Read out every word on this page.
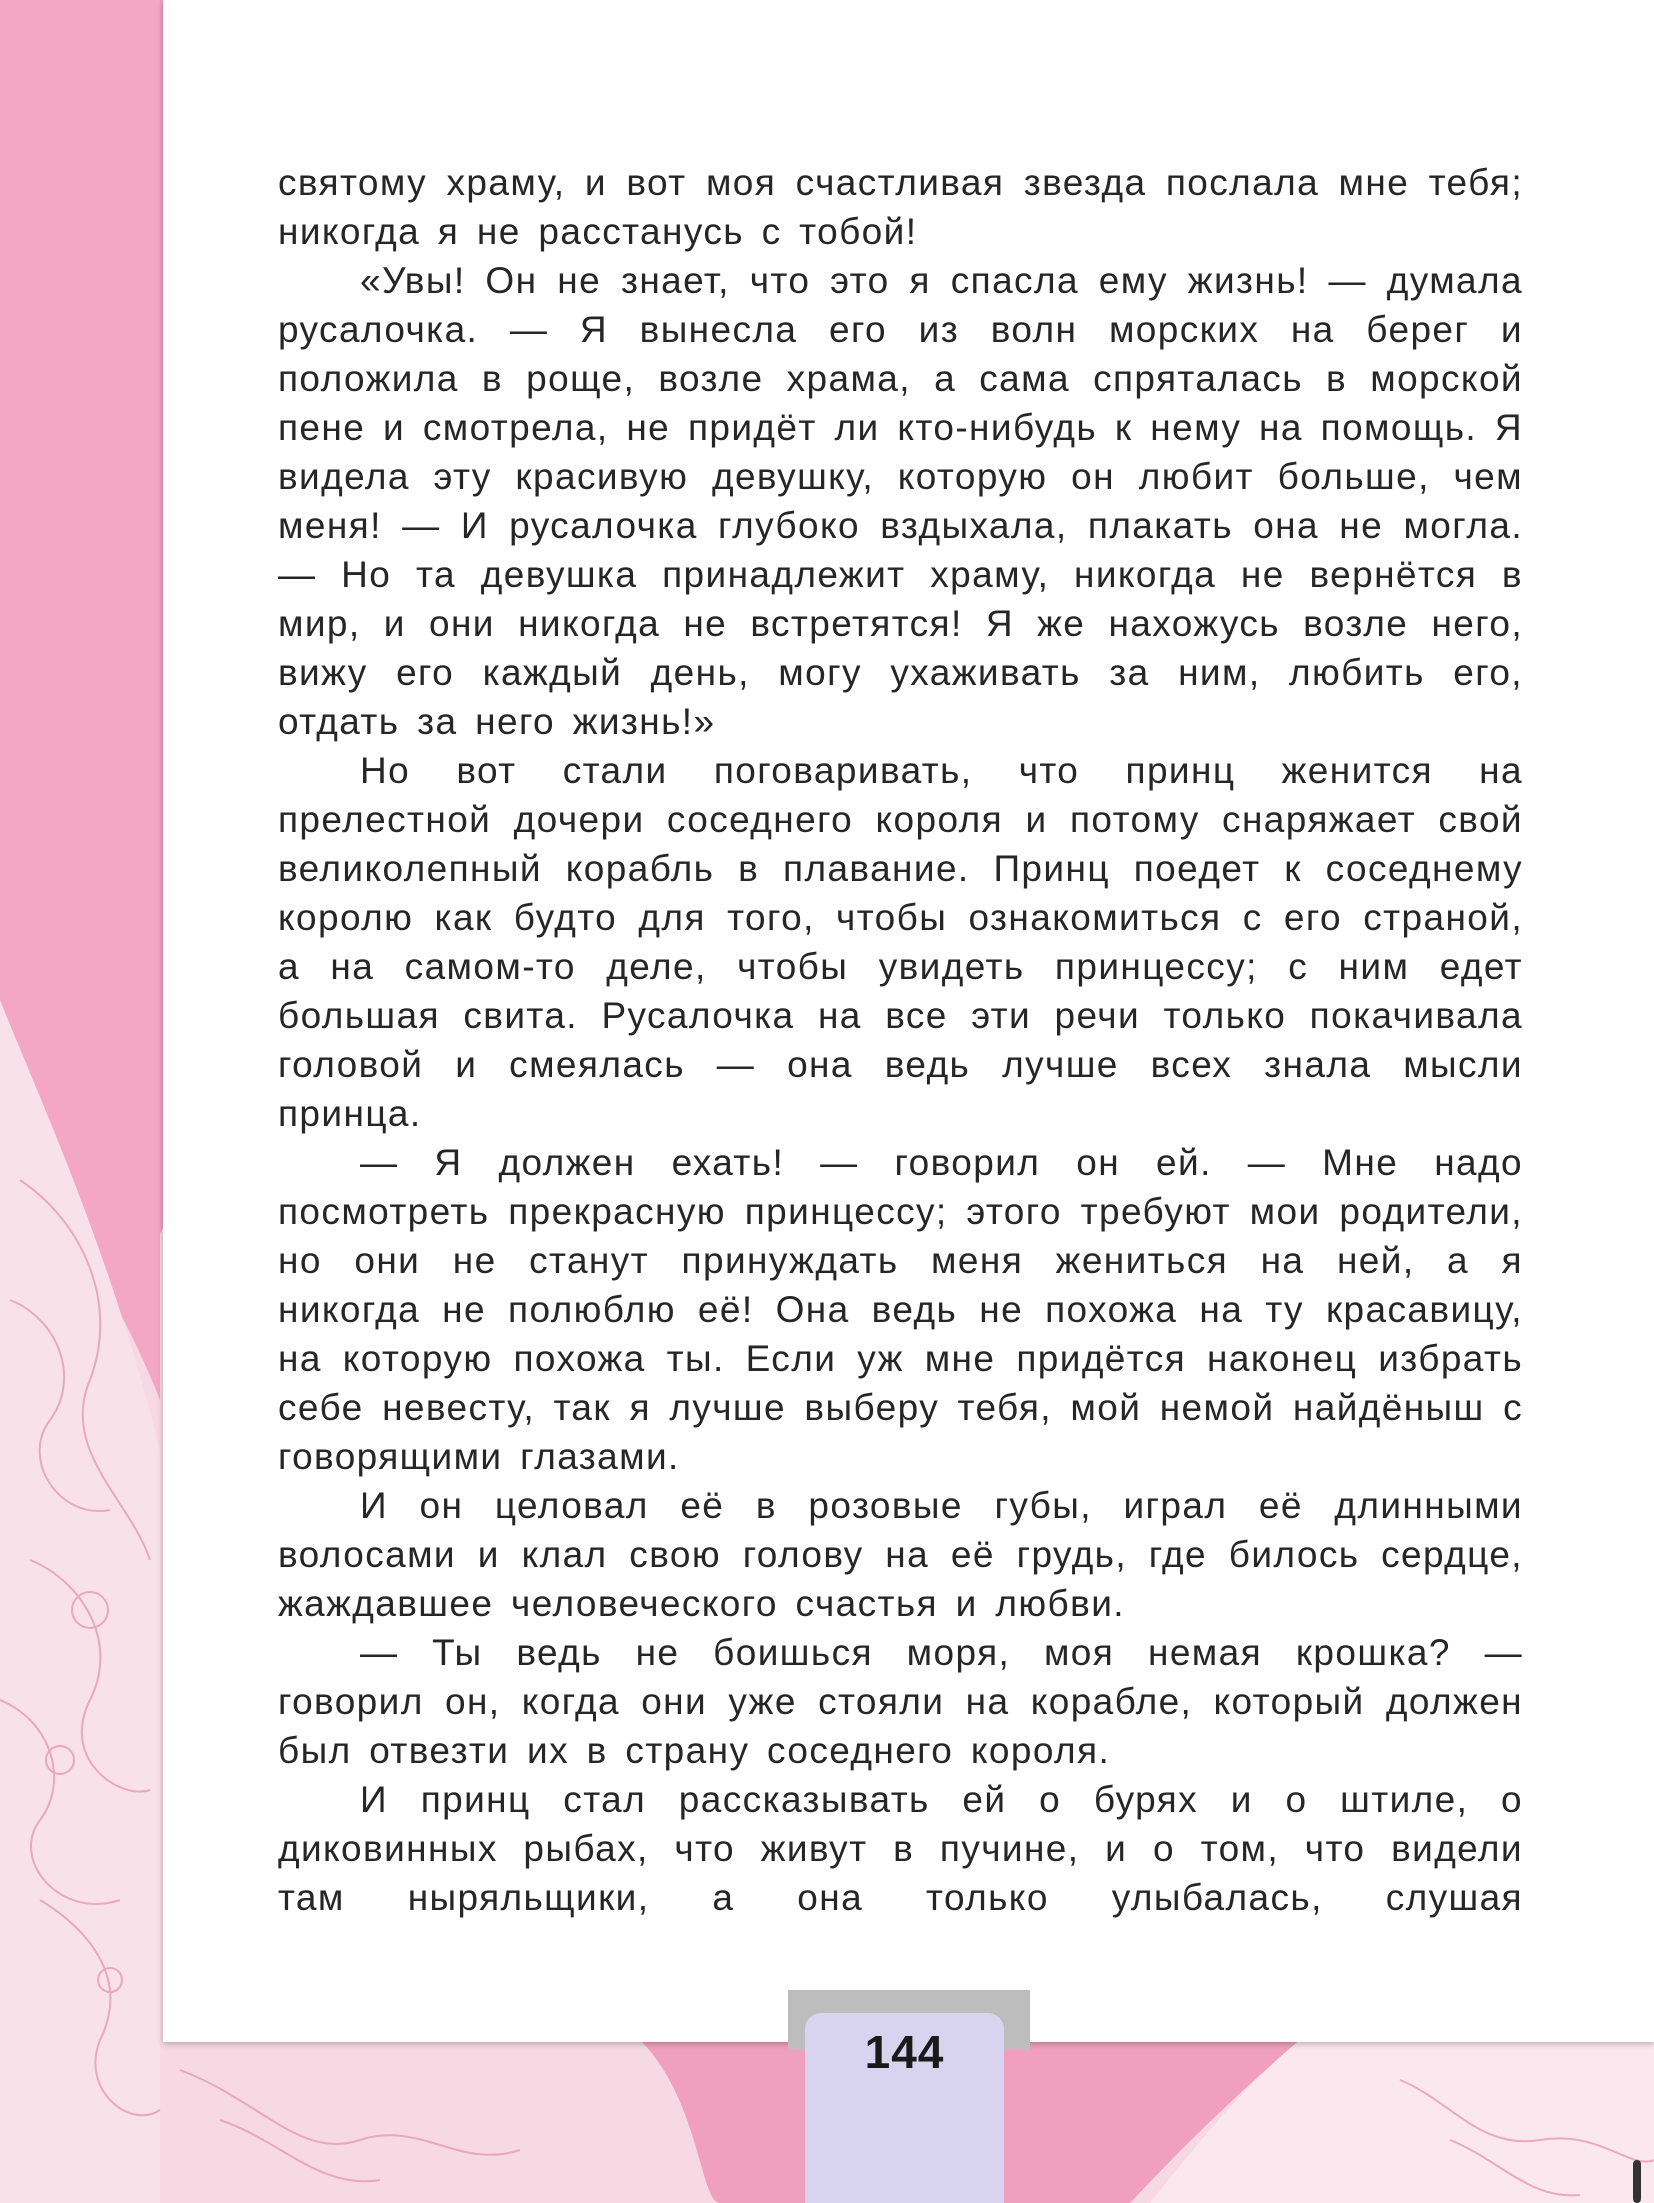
святому храму, и вот моя счастливая звезда послала мне тебя; никогда я не расстанусь с тобой!

«Увы! Он не знает, что это я спасла ему жизнь! — думала русалочка. — Я вынесла его из волн морских на берег и положила в роще, возле храма, а сама спряталась в морской пене и смотрела, не придёт ли кто-нибудь к нему на помощь. Я видела эту красивую девушку, которую он любит больше, чем меня! — И русалочка глубоко вздыхала, плакать она не могла. — Но та девушка принадлежит храму, никогда не вернётся в мир, и они никогда не встретятся! Я же нахожусь возле него, вижу его каждый день, могу ухаживать за ним, любить его, отдать за него жизнь!»

Но вот стали поговаривать, что принц женится на прелестной дочери соседнего короля и потому снаряжает свой великолепный корабль в плавание. Принц поедет к соседнему королю как будто для того, чтобы ознакомиться с его страной, а на самом-то деле, чтобы увидеть принцессу; с ним едет большая свита. Русалочка на все эти речи только покачивала головой и смеялась — она ведь лучше всех знала мысли принца.

— Я должен ехать! — говорил он ей. — Мне надо посмотреть прекрасную принцессу; этого требуют мои родители, но они не станут принуждать меня жениться на ней, а я никогда не полюблю её! Она ведь не похожа на ту красавицу, на которую похожа ты. Если уж мне придётся наконец избрать себе невесту, так я лучше выберу тебя, мой немой найдёныш с говорящими глазами.

И он целовал её в розовые губы, играл её длинными волосами и клал свою голову на её грудь, где билось сердце, жаждавшее человеческого счастья и любви.

— Ты ведь не боишься моря, моя немая крошка? — говорил он, когда они уже стояли на корабле, который должен был отвезти их в страну соседнего короля.

И принц стал рассказывать ей о бурях и о штиле, о диковинных рыбах, что живут в пучине, и о том, что видели там ныряльщики, а она только улыбалась, слушая

144
